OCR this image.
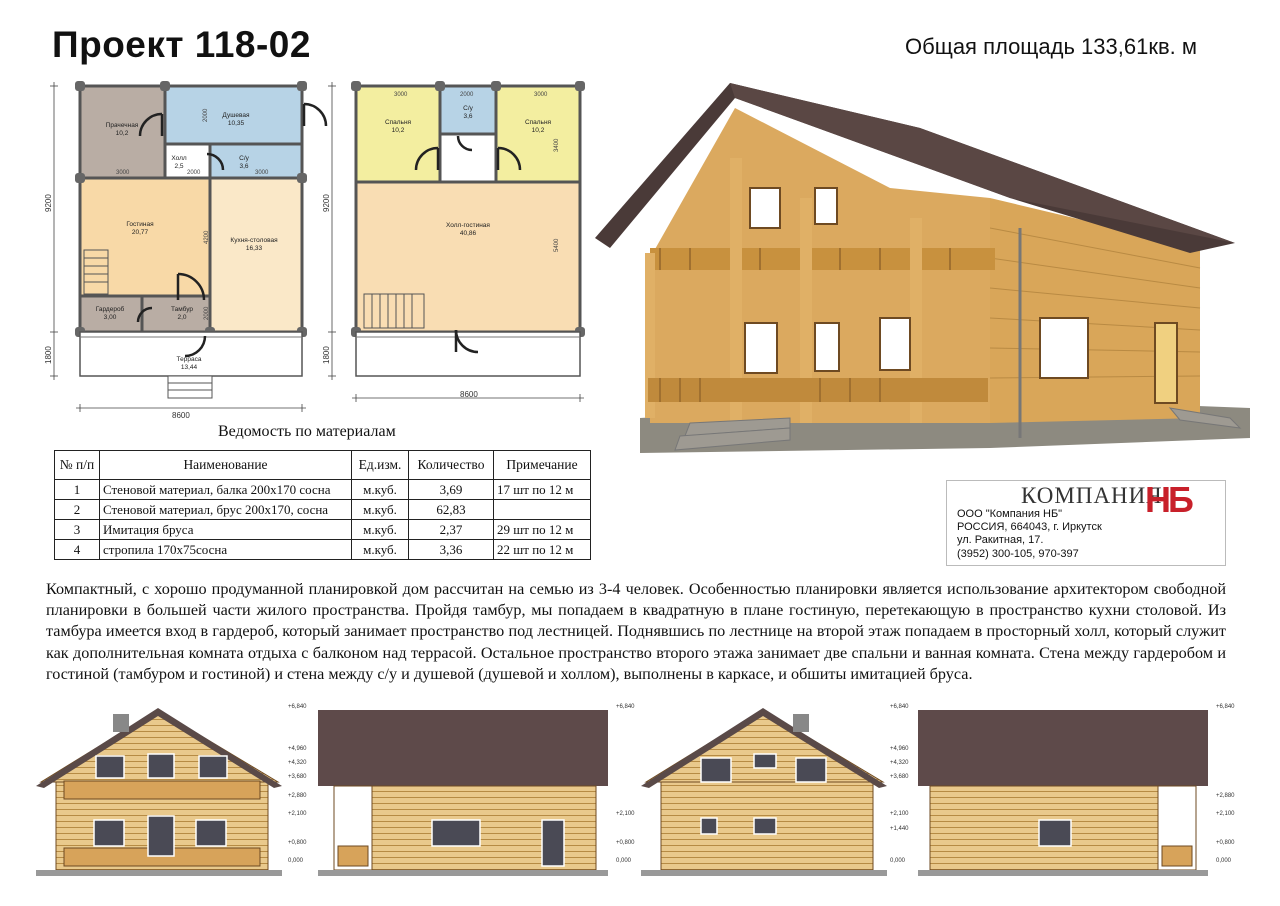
Проект 118-02	Общая площадь 133,61кв. м
Прачечная
10,2
Душевая
10,35
Холл
2,5
С/у
3,6
Гостиная
20,77
Кухня-столовая
16,33
Гардероб
3,00
Тамбур
2,0
Терраса
13,44
3000	2000	3000
2000
4200
2000
9200
1800
8600
Спальня
10,2
С/у
3,6
Спальня
10,2
Холл-гостиная
40,86
3000	2000	3000
3400
5400
9200
1800
8600
Ведомость по материалам
№ п/п	Наименование	Ед.изм.	Количество	Примечание
1	Стеновой материал, балка 200х170 сосна	м.куб.	3,69	17 шт по 12 м
2	Стеновой материал, брус 200х170, сосна	м.куб.	62,83	
3	Имитация бруса	м.куб.	2,37	29 шт по 12 м
4	стропила 170х75сосна	м.куб.	3,36	22 шт по 12 м
КОМПАНИЯ
НБ
ООО "Компания НБ"
РОССИЯ, 664043, г. Иркутск
ул. Ракитная, 17.
(3952) 300-105, 970-397
Компактный, с хорошо продуманной планировкой дом рассчитан на семью из 3-4 человек. Особенностью планировки является использование архитектором свободной планировки в большей части жилого пространства. Пройдя тамбур, мы попадаем в квадратную в плане гостиную, перетекающую в пространство кухни столовой. Из тамбура имеется вход в гардероб, который занимает пространство под лестницей. Поднявшись по лестнице на второй этаж попадаем в просторный холл, который служит как дополнительная комната отдыха с балконом над террасой. Остальное пространство второго этажа занимает две спальни и ванная комната. Стена между гардеробом и гостиной (тамбуром и гостиной) и стена между с/у и душевой (душевой и холлом), выполнены в каркасе, и обшиты имитацией бруса.
+6,840
+4,960
+4,320
+3,680
+2,880
+2,100
+0,800
0,000
+6,840
+2,100
+0,800
0,000
+6,840
+4,960
+4,320
+3,680
+2,100
+1,440
0,000
+6,840
+2,880
+2,100
+0,800
0,000
